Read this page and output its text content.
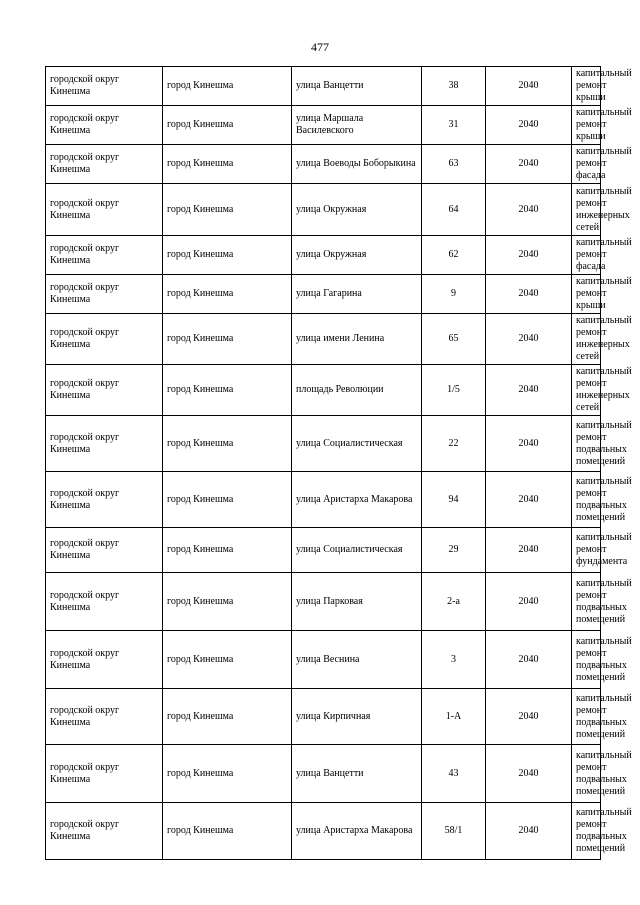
477
городской округ Кинешма	город Кинешма	улица Ванцетти	38	2040	капитальный ремонт крыши
городской округ Кинешма	город Кинешма	улица Маршала Василевского	31	2040	капитальный ремонт крыши
городской округ Кинешма	город Кинешма	улица Воеводы Боборыкина	63	2040	капитальный ремонт фасада
городской округ Кинешма	город Кинешма	улица Окружная	64	2040	капитальный ремонт инженерных сетей
городской округ Кинешма	город Кинешма	улица Окружная	62	2040	капитальный ремонт фасада
городской округ Кинешма	город Кинешма	улица Гагарина	9	2040	капитальный ремонт крыши
городской округ Кинешма	город Кинешма	улица имени Ленина	65	2040	капитальный ремонт инженерных сетей
городской округ Кинешма	город Кинешма	площадь Революции	1/5	2040	капитальный ремонт инженерных сетей
городской округ Кинешма	город Кинешма	улица Социалистическая	22	2040	капитальный ремонт подвальных помещений
городской округ Кинешма	город Кинешма	улица Аристарха Макарова	94	2040	капитальный ремонт подвальных помещений
городской округ Кинешма	город Кинешма	улица Социалистическая	29	2040	капитальный ремонт фундамента
городской округ Кинешма	город Кинешма	улица Парковая	2-а	2040	капитальный ремонт подвальных помещений
городской округ Кинешма	город Кинешма	улица Веснина	3	2040	капитальный ремонт подвальных помещений
городской округ Кинешма	город Кинешма	улица Кирпичная	1-А	2040	капитальный ремонт подвальных помещений
городской округ Кинешма	город Кинешма	улица Ванцетти	43	2040	капитальный ремонт подвальных помещений
городской округ Кинешма	город Кинешма	улица Аристарха Макарова	58/1	2040	капитальный ремонт подвальных помещений
